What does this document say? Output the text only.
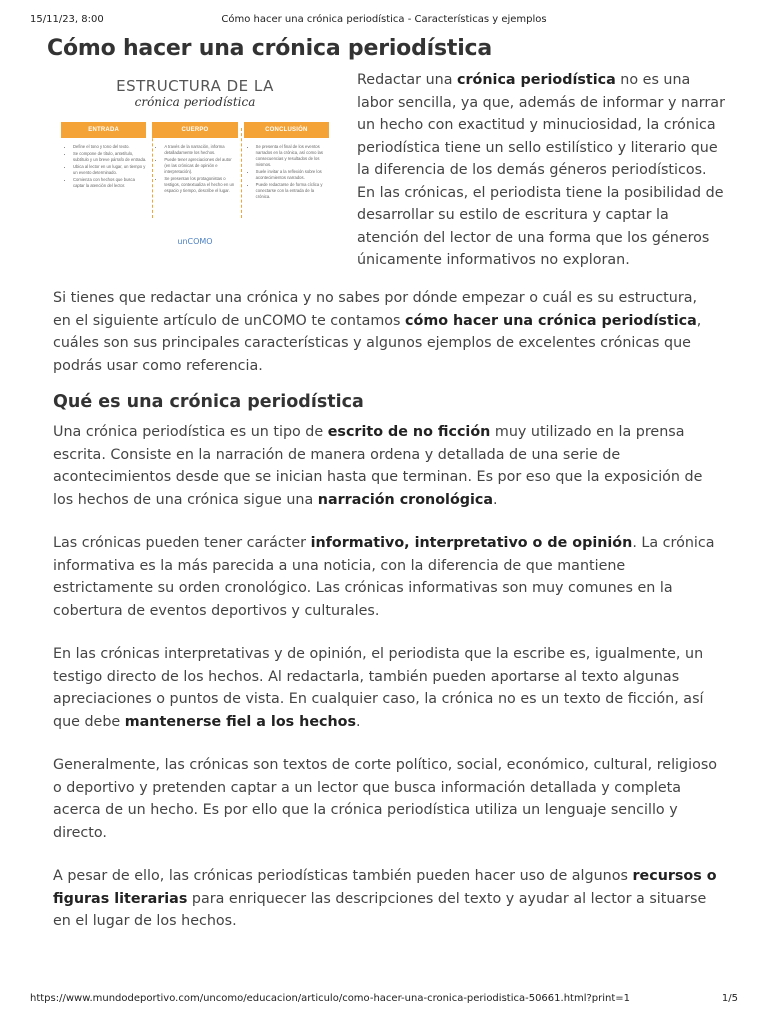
15/11/23, 8:00	Cómo hacer una crónica periodística - Características y ejemplos
Cómo hacer una crónica periodística
ESTRUCTURA DE LA
crónica periodística
ENTRADA
• Define el tono y tono del texto.
• Se compone de título, antetítulo, subtítulo y un breve párrafo de entrada.
• Ubica al lector en un lugar, un tiempo y un evento determinado.
• Comienza con hechos que busca captar la atención del lector.
CUERPO
• A través de la narración, informa detalladamente los hechos.
• Puede tener apreciaciones del autor (en las crónicas de opinión e interpretación).
• Se presentan los protagonistas o testigos, contextualiza el hecho en un espacio y tiempo, describe el lugar.
CONCLUSIÓN
• Se presenta el final de los eventos narrados en la crónica, así como las consecuencias y resultados de los mismos.
• Suele invitar a la reflexión sobre los acontecimientos narrados.
• Puede redactarse de forma cíclica y conectarse con la entrada de la crónica.
unCOMO

Redactar una crónica periodística no es una labor sencilla, ya que, además de informar y narrar un hecho con exactitud y minuciosidad, la crónica periodística tiene un sello estilístico y literario que la diferencia de los demás géneros periodísticos. En las crónicas, el periodista tiene la posibilidad de desarrollar su estilo de escritura y captar la atención del lector de una forma que los géneros únicamente informativos no exploran.

Si tienes que redactar una crónica y no sabes por dónde empezar o cuál es su estructura, en el siguiente artículo de unCOMO te contamos cómo hacer una crónica periodística, cuáles son sus principales características y algunos ejemplos de excelentes crónicas que podrás usar como referencia.

Qué es una crónica periodística

Una crónica periodística es un tipo de escrito de no ficción muy utilizado en la prensa escrita. Consiste en la narración de manera ordena y detallada de una serie de acontecimientos desde que se inician hasta que terminan. Es por eso que la exposición de los hechos de una crónica sigue una narración cronológica.

Las crónicas pueden tener carácter informativo, interpretativo o de opinión. La crónica informativa es la más parecida a una noticia, con la diferencia de que mantiene estrictamente su orden cronológico. Las crónicas informativas son muy comunes en la cobertura de eventos deportivos y culturales.

En las crónicas interpretativas y de opinión, el periodista que la escribe es, igualmente, un testigo directo de los hechos. Al redactarla, también pueden aportarse al texto algunas apreciaciones o puntos de vista. En cualquier caso, la crónica no es un texto de ficción, así que debe mantenerse fiel a los hechos.

Generalmente, las crónicas son textos de corte político, social, económico, cultural, religioso o deportivo y pretenden captar a un lector que busca información detallada y completa acerca de un hecho. Es por ello que la crónica periodística utiliza un lenguaje sencillo y directo.

A pesar de ello, las crónicas periodísticas también pueden hacer uso de algunos recursos o figuras literarias para enriquecer las descripciones del texto y ayudar al lector a situarse en el lugar de los hechos.

https://www.mundodeportivo.com/uncomo/educacion/articulo/como-hacer-una-cronica-periodistica-50661.html?print=1	1/5
